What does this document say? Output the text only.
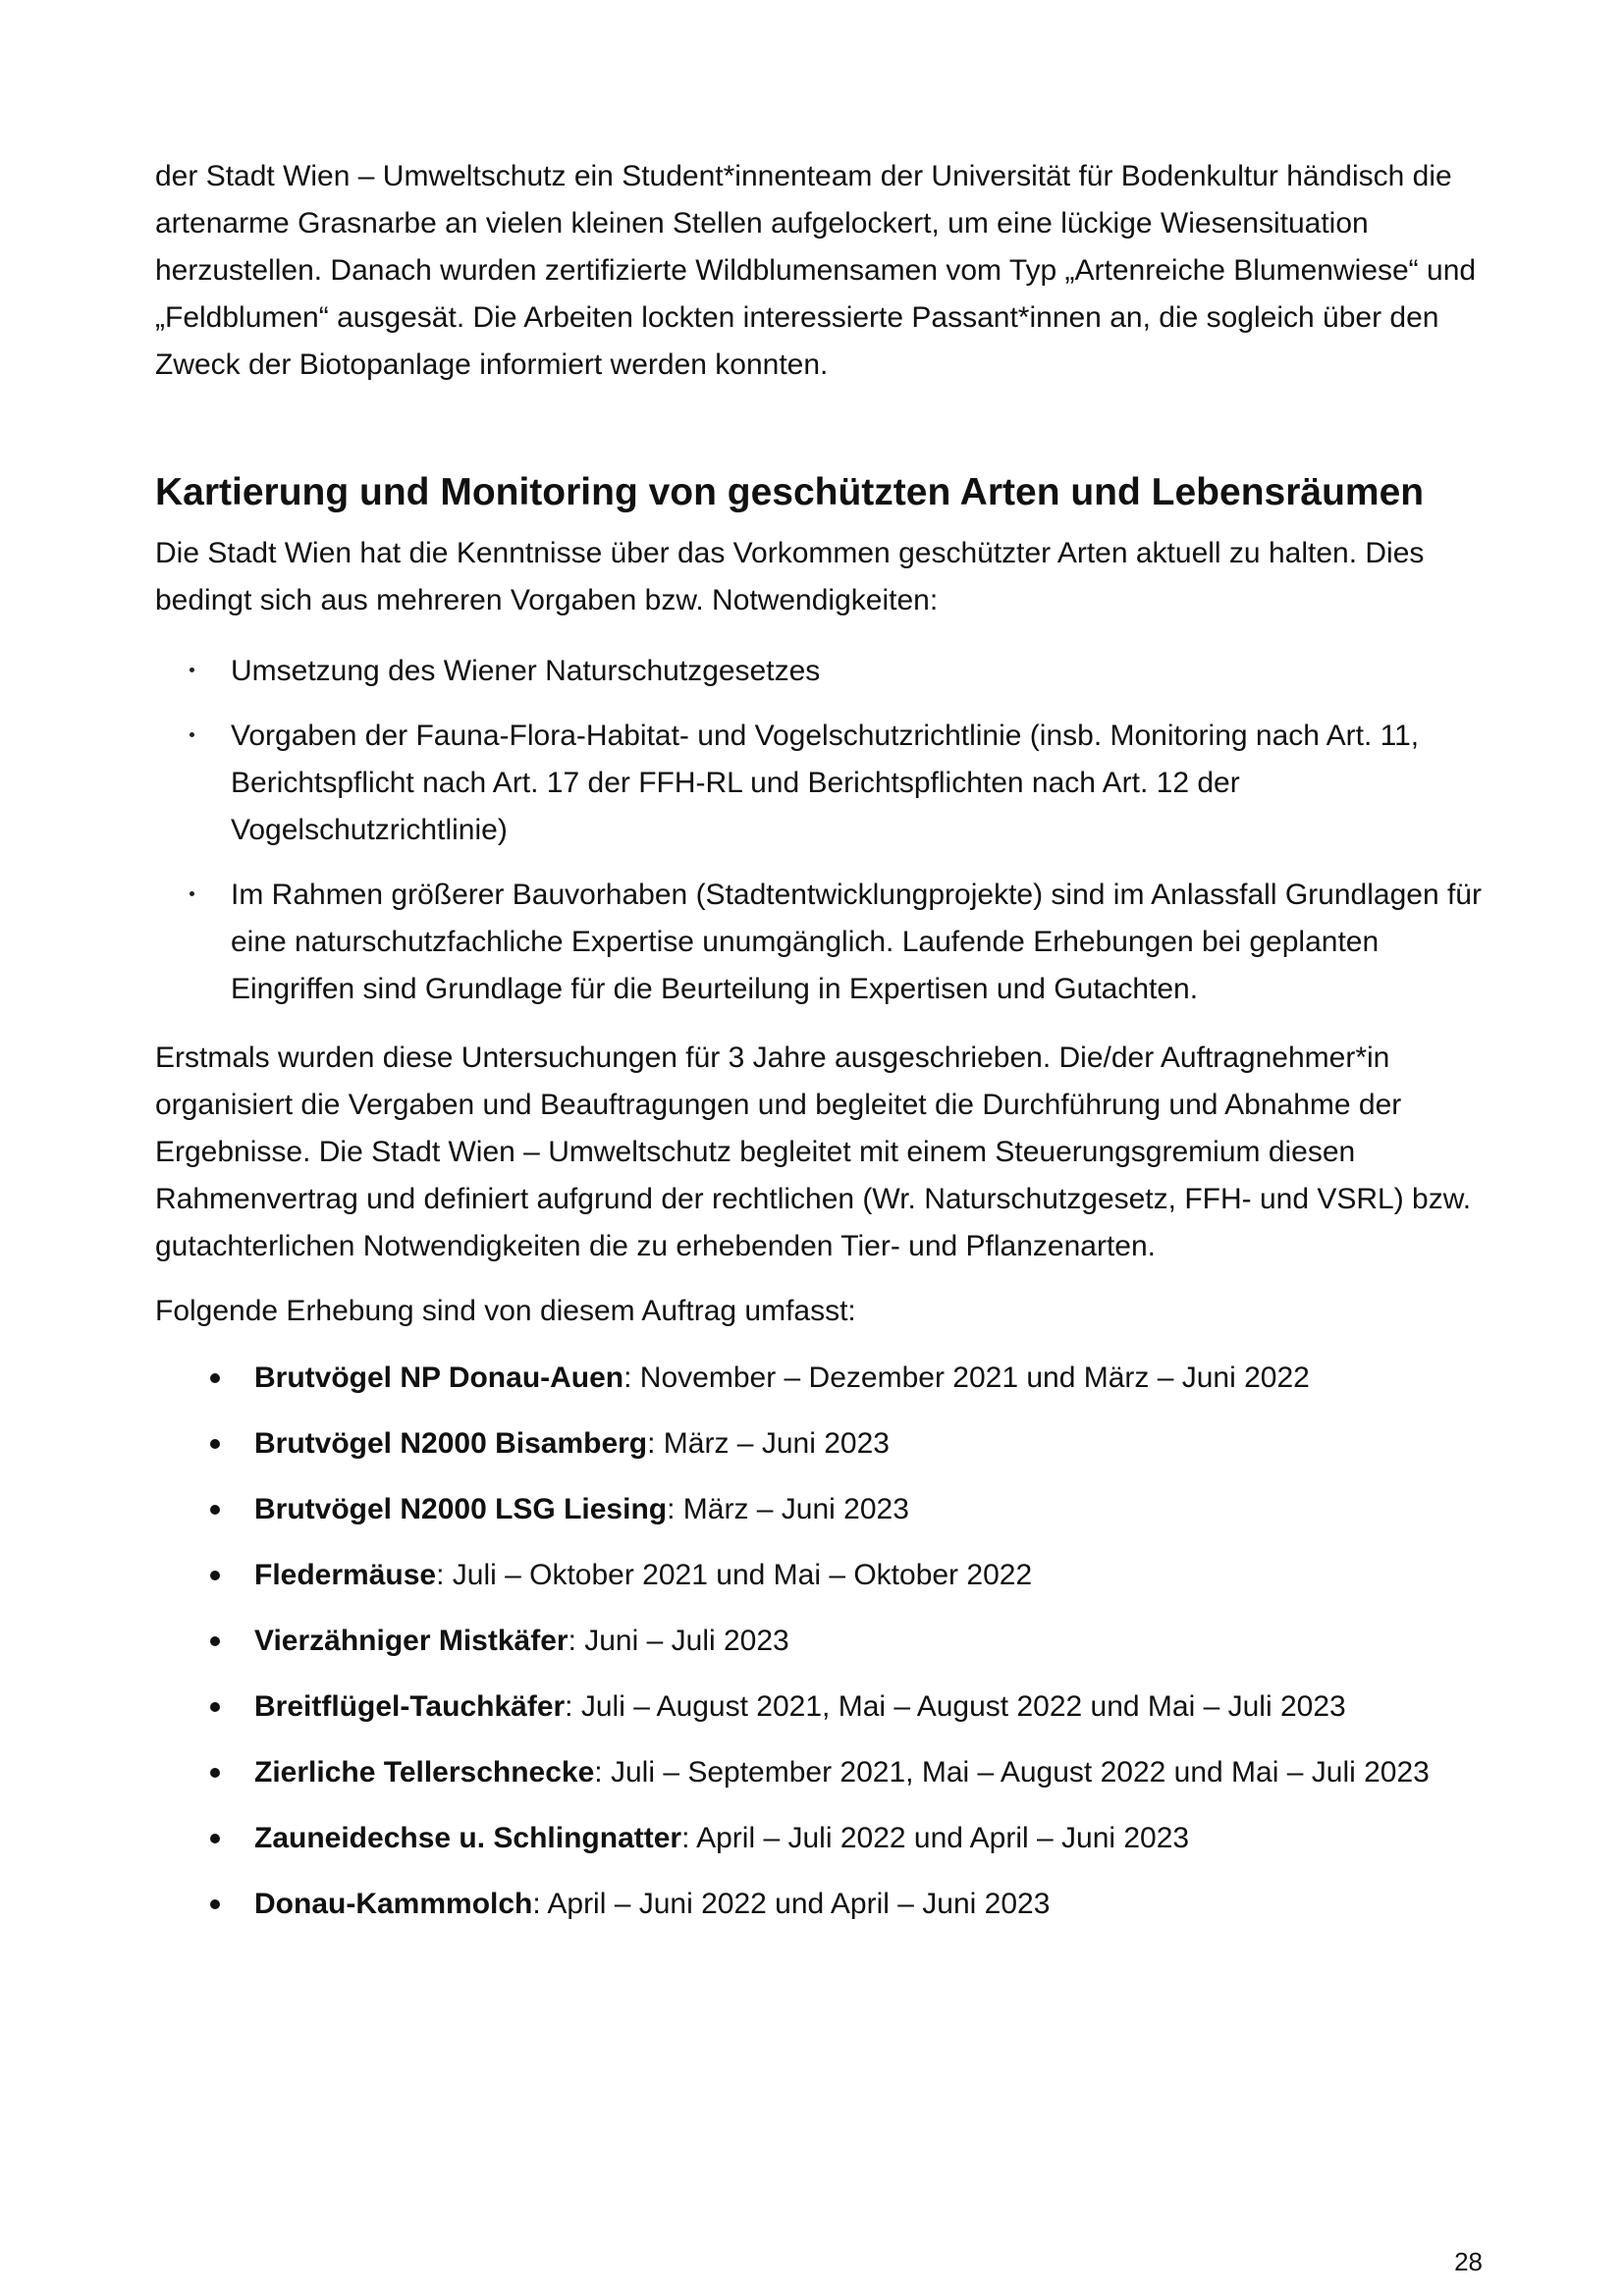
der Stadt Wien – Umweltschutz ein Student*innenteam der Universität für Bodenkultur händisch die artenarme Grasnarbe an vielen kleinen Stellen aufgelockert, um eine lückige Wiesensituation herzustellen. Danach wurden zertifizierte Wildblumensamen vom Typ „Artenreiche Blumenwiese“ und „Feldblumen“ ausgesät. Die Arbeiten lockten interessierte Passant*innen an, die sogleich über den Zweck der Biotopanlage informiert werden konnten.

Kartierung und Monitoring von geschützten Arten und Lebensräumen

Die Stadt Wien hat die Kenntnisse über das Vorkommen geschützter Arten aktuell zu halten. Dies bedingt sich aus mehreren Vorgaben bzw. Notwendigkeiten:

Umsetzung des Wiener Naturschutzgesetzes
Vorgaben der Fauna-Flora-Habitat- und Vogelschutzrichtlinie (insb. Monitoring nach Art. 11, Berichtspflicht nach Art. 17 der FFH-RL und Berichtspflichten nach Art. 12 der Vogelschutzrichtlinie)
Im Rahmen größerer Bauvorhaben (Stadtentwicklungprojekte) sind im Anlassfall Grundlagen für eine naturschutzfachliche Expertise unumgänglich. Laufende Erhebungen bei geplanten Eingriffen sind Grundlage für die Beurteilung in Expertisen und Gutachten.

Erstmals wurden diese Untersuchungen für 3 Jahre ausgeschrieben. Die/der Auftragnehmer*in organisiert die Vergaben und Beauftragungen und begleitet die Durchführung und Abnahme der Ergebnisse. Die Stadt Wien – Umweltschutz begleitet mit einem Steuerungsgremium diesen Rahmenvertrag und definiert aufgrund der rechtlichen (Wr. Naturschutzgesetz, FFH- und VSRL) bzw. gutachterlichen Notwendigkeiten die zu erhebenden Tier- und Pflanzenarten.

Folgende Erhebung sind von diesem Auftrag umfasst:

Brutvögel NP Donau-Auen: November – Dezember 2021 und März – Juni 2022
Brutvögel N2000 Bisamberg: März – Juni 2023
Brutvögel N2000 LSG Liesing: März – Juni 2023
Fledermäuse: Juli – Oktober 2021 und Mai – Oktober 2022
Vierzähniger Mistkäfer: Juni – Juli 2023
Breitflügel-Tauchkäfer: Juli – August 2021, Mai – August 2022 und Mai – Juli 2023
Zierliche Tellerschnecke: Juli – September 2021, Mai – August 2022 und Mai – Juli 2023
Zauneidechse u. Schlingnatter: April – Juli 2022 und April – Juni 2023
Donau-Kammmolch: April – Juni 2022 und April – Juni 2023
28
